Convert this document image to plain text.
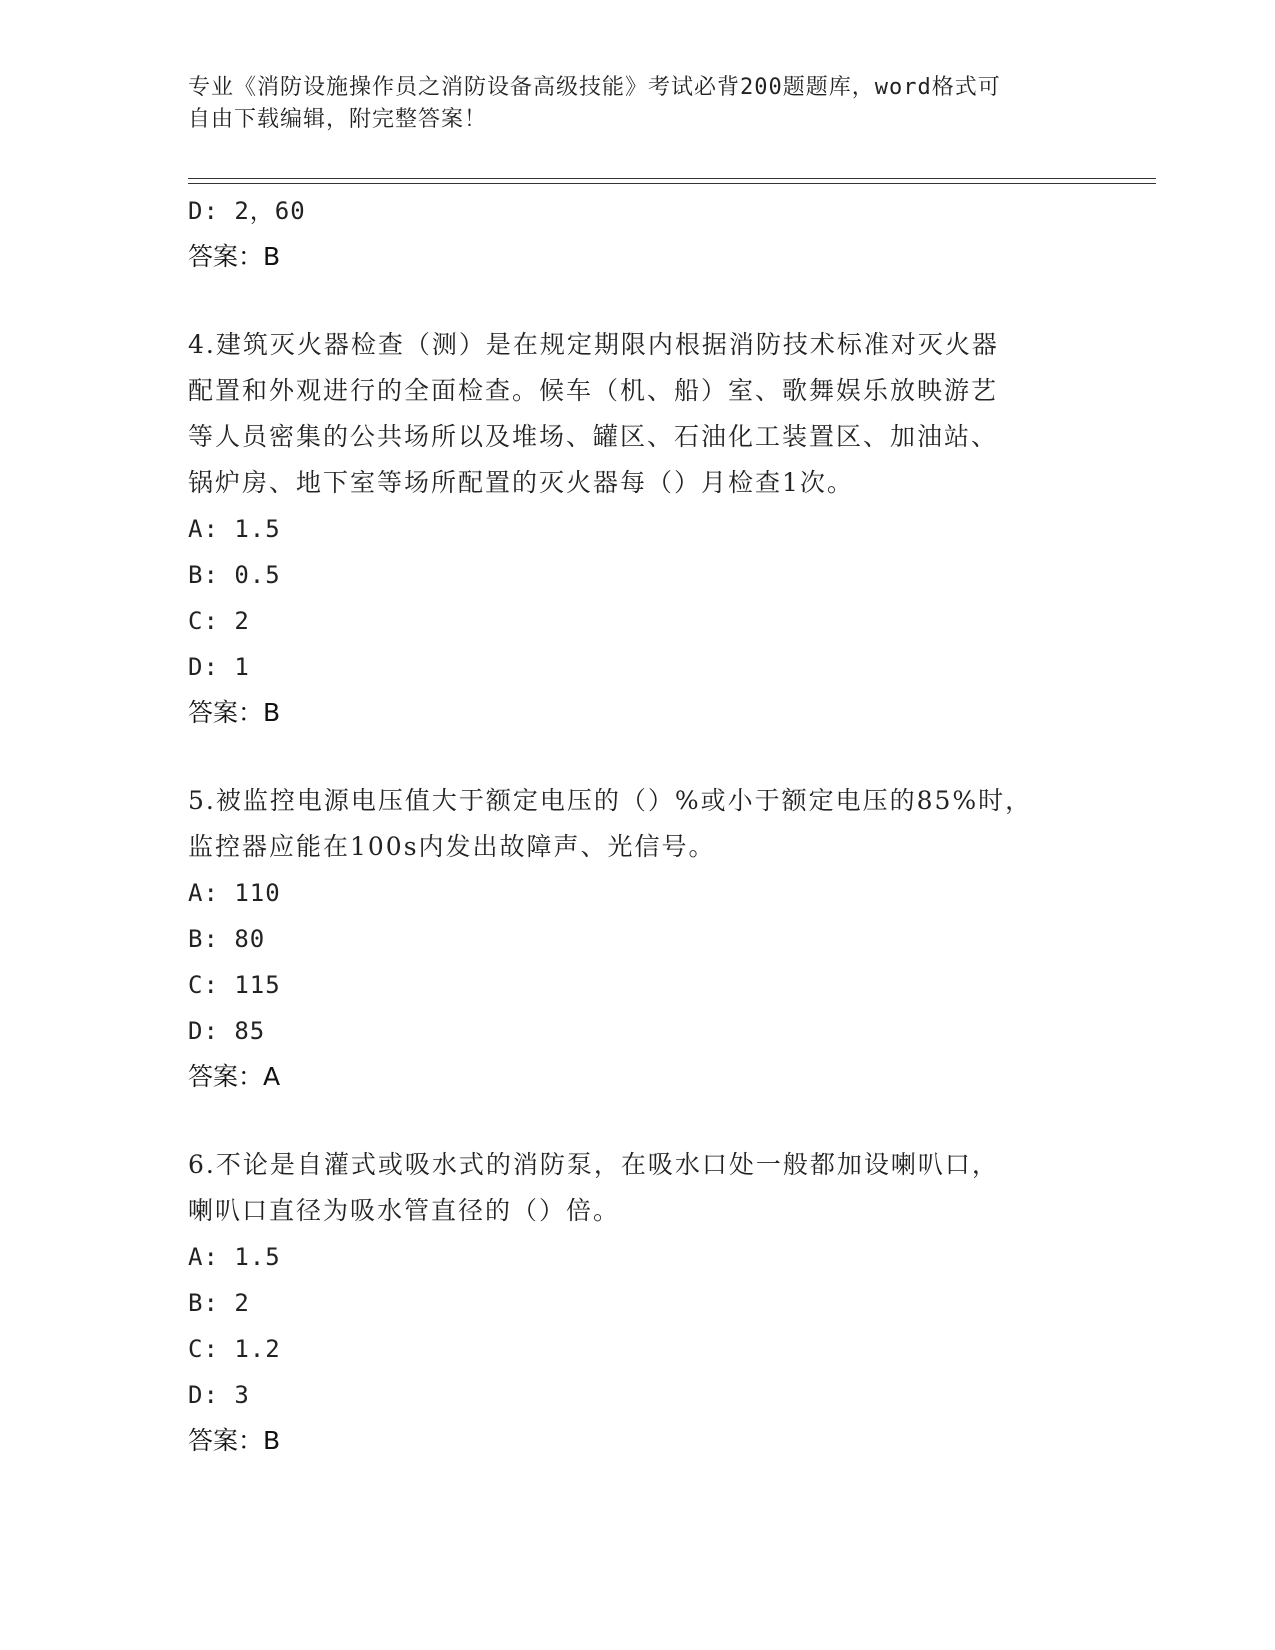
专业《消防设施操作员之消防设备高级技能》考试必背200题题库，word格式可
自由下载编辑，附完整答案！
D: 2，60
答案：B
4.建筑灭火器检查（测）是在规定期限内根据消防技术标准对灭火器
配置和外观进行的全面检查。候车（机、船）室、歌舞娱乐放映游艺
等人员密集的公共场所以及堆场、罐区、石油化工装置区、加油站、
锅炉房、地下室等场所配置的灭火器每（）月检查1次。
A: 1.5
B: 0.5
C: 2
D: 1
答案：B
5.被监控电源电压值大于额定电压的（）%或小于额定电压的85%时，
监控器应能在100s内发出故障声、光信号。
A: 110
B: 80
C: 115
D: 85
答案：A
6.不论是自灌式或吸水式的消防泵，在吸水口处一般都加设喇叭口，
喇叭口直径为吸水管直径的（）倍。
A: 1.5
B: 2
C: 1.2
D: 3
答案：B
